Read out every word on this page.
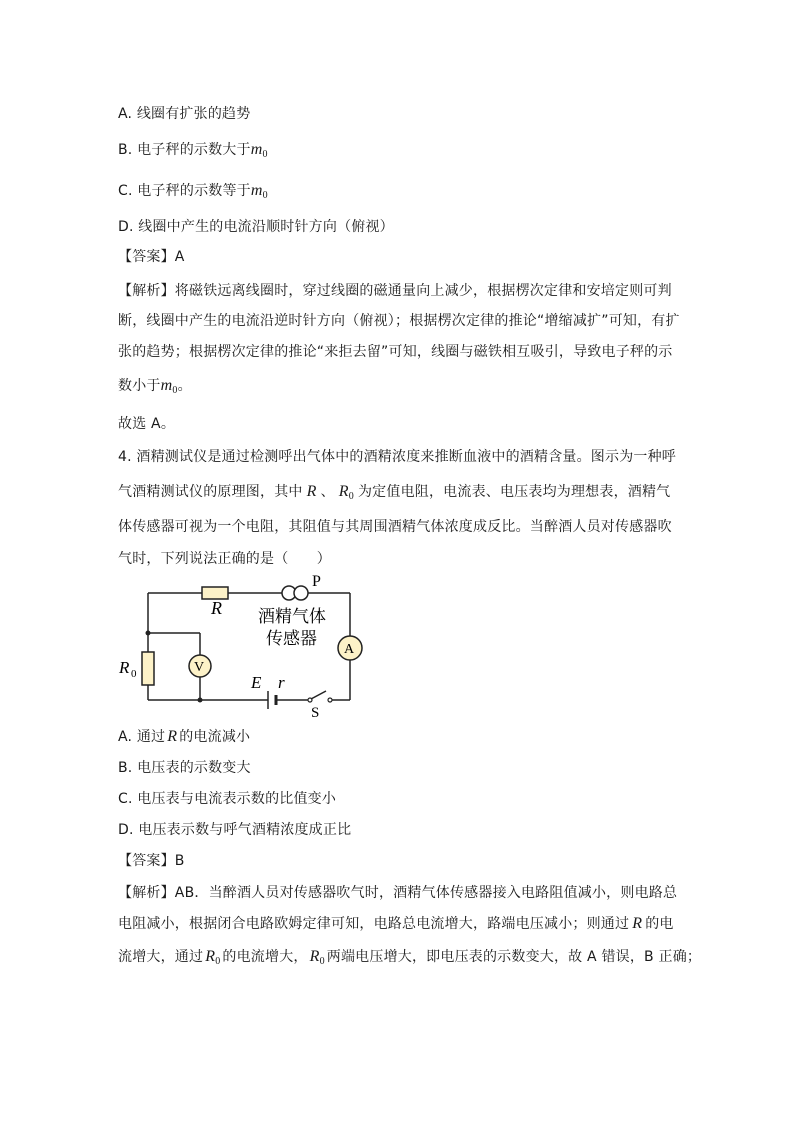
A. 线圈有扩张的趋势
B. 电子秤的示数大于$m_0$
C. 电子秤的示数等于$m_0$
D. 线圈中产生的电流沿顺时针方向（俯视）
【答案】A
【解析】将磁铁远离线圈时，穿过线圈的磁通量向上减少，根据楞次定律和安培定则可判
断，线圈中产生的电流沿逆时针方向（俯视）；根据楞次定律的推论“增缩减扩”可知，有扩
张的趋势；根据楞次定律的推论“来拒去留”可知，线圈与磁铁相互吸引，导致电子秤的示
数小于$m_0$。
故选 A。
4. 酒精测试仪是通过检测呼出气体中的酒精浓度来推断血液中的酒精含量。图示为一种呼
气酒精测试仪的原理图，其中 R 、 $R_0$ 为定值电阻，电流表、电压表均为理想表，酒精气
体传感器可视为一个电阻，其阻值与其周围酒精气体浓度成反比。当醉酒人员对传感器吹
气时，下列说法正确的是（　　）
R
P
酒精气体
传感器
A
V
R 0	E r
S
A. 通过 R 的电流减小
B. 电压表的示数变大
C. 电压表与电流表示数的比值变小
D. 电压表示数与呼气酒精浓度成正比
【答案】B
【解析】AB．当醉酒人员对传感器吹气时，酒精气体传感器接入电路阻值减小，则电路总
电阻减小，根据闭合电路欧姆定律可知，电路总电流增大，路端电压减小；则通过 R 的电
流增大，通过 $R_0$ 的电流增大， $R_0$ 两端电压增大，即电压表的示数变大，故 A 错误，B 正确；
